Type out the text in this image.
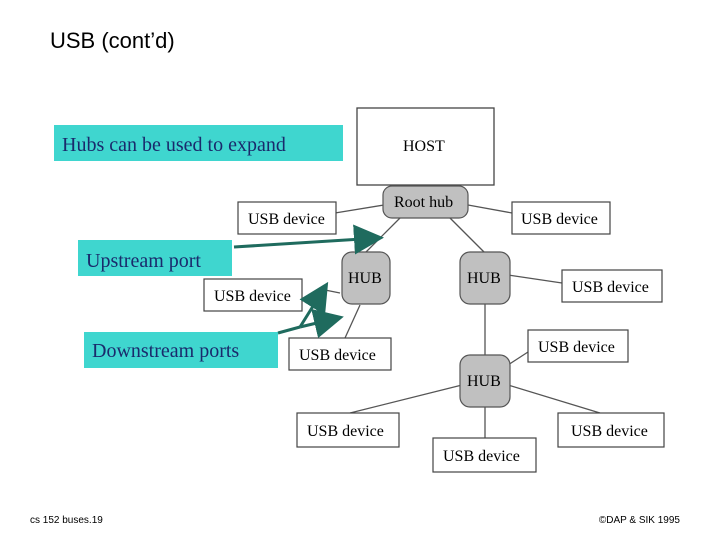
USB (cont’d)
HOST
Root hub
HUB	HUB
HUB
USB device	USB device
USB device
USB device
USB device	USB device
USB device	USB device
USB device
Hubs can be used to expand
Upstream port
Downstream ports
cs 152 buses.19	©DAP & SIK 1995
